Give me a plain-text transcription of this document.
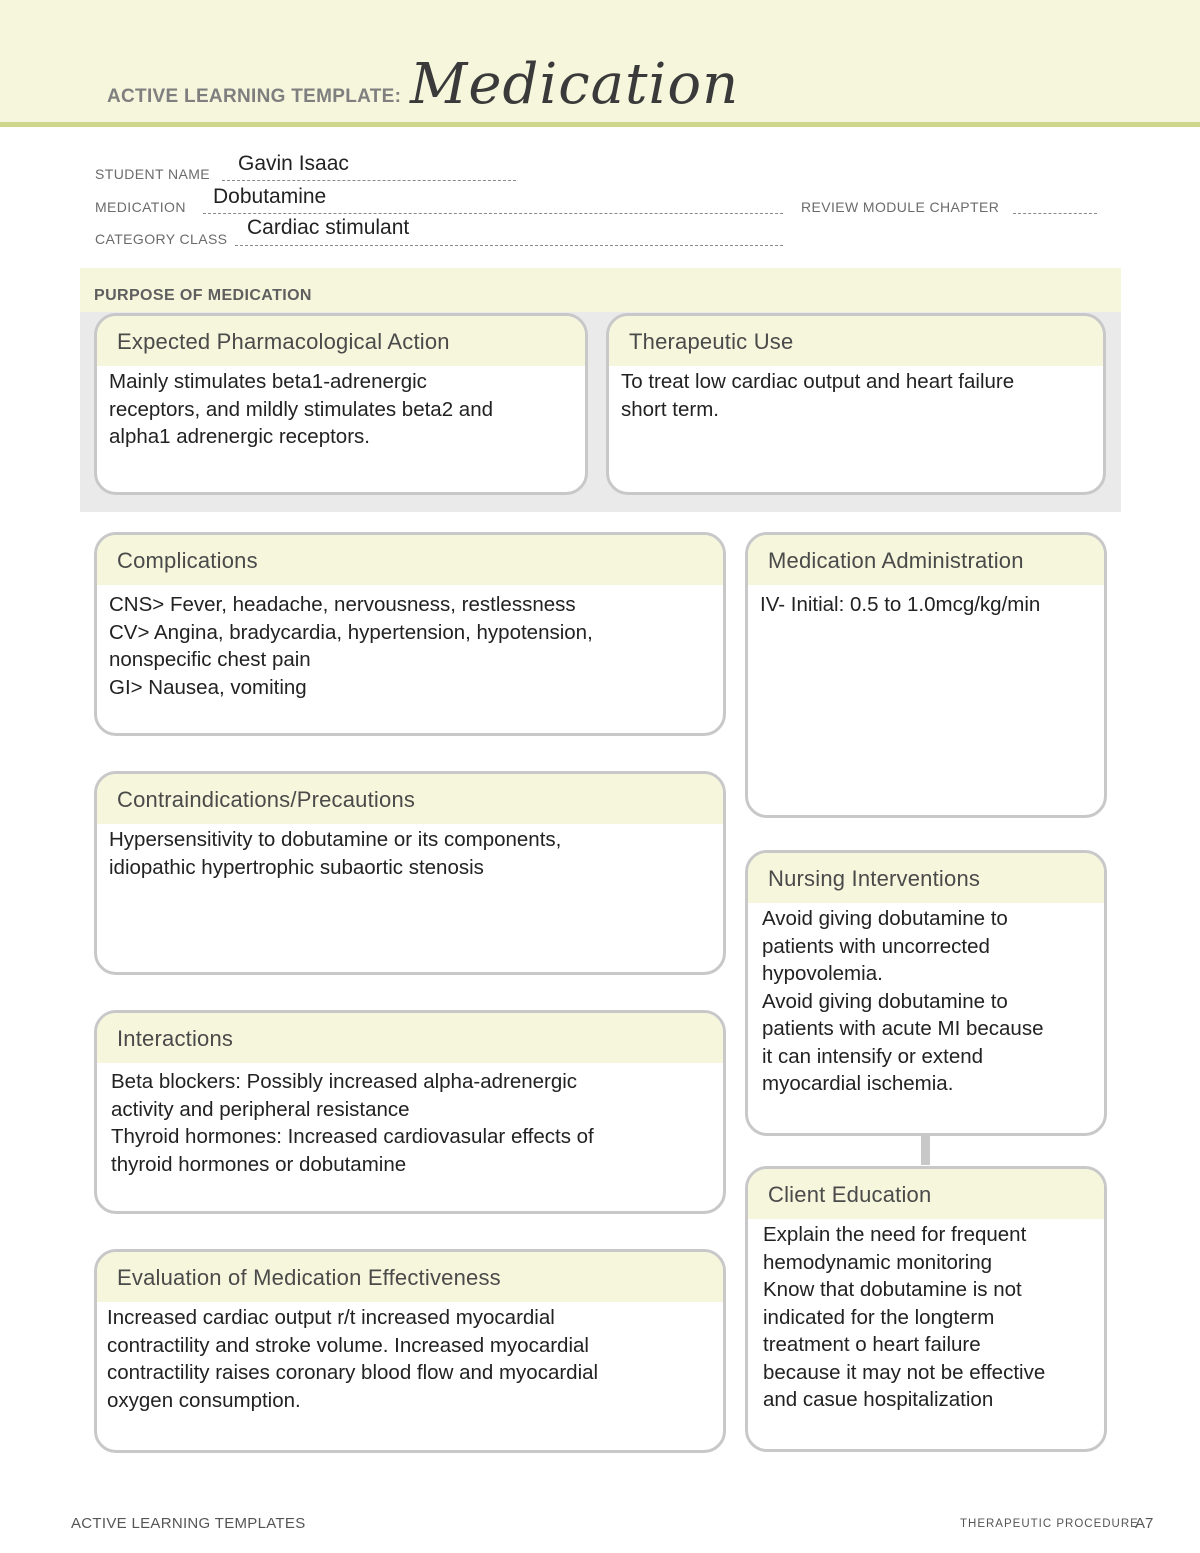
ACTIVE LEARNING TEMPLATE: Medication
STUDENT NAME Gavin Isaac
MEDICATION Dobutamine	REVIEW MODULE CHAPTER
CATEGORY CLASS Cardiac stimulant
PURPOSE OF MEDICATION
Expected Pharmacological Action
Mainly stimulates beta1-adrenergic
receptors, and mildly stimulates beta2 and
alpha1 adrenergic receptors.
Therapeutic Use
To treat low cardiac output and heart failure
short term.
Complications
CNS> Fever, headache, nervousness, restlessness
CV> Angina, bradycardia, hypertension, hypotension,
nonspecific chest pain
GI> Nausea, vomiting
Medication Administration
IV- Initial: 0.5 to 1.0mcg/kg/min
Contraindications/Precautions
Hypersensitivity to dobutamine or its components,
idiopathic hypertrophic subaortic stenosis	Nursing Interventions
Avoid giving dobutamine to
patients with uncorrected
hypovolemia.
Avoid giving dobutamine to
patients with acute MI because
it can intensify or extend
myocardial ischemia.
Interactions
Beta blockers: Possibly increased alpha-adrenergic
activity and peripheral resistance
Thyroid hormones: Increased cardiovasular effects of
thyroid hormones or dobutamine
Client Education
Explain the need for frequent
hemodynamic monitoring
Know that dobutamine is not
indicated for the longterm
treatment o heart failure
because it may not be effective
and casue hospitalization
Evaluation of Medication Effectiveness
Increased cardiac output r/t increased myocardial
contractility and stroke volume. Increased myocardial
contractility raises coronary blood flow and myocardial
oxygen consumption.
ACTIVE LEARNING TEMPLATES	THERAPEUTIC PROCEDURE
A7
